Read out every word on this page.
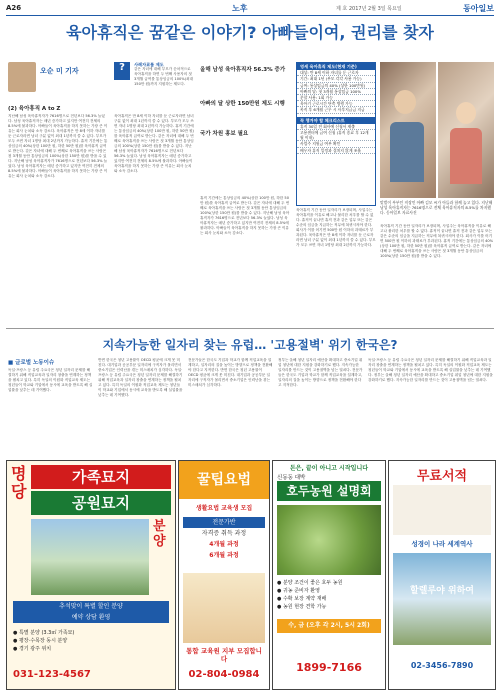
A26	노후	제 호 2017년 2월 3일 목요일	동아일보
육아휴직은 꿈같은 이야기? 아빠들이여, 권리를 찾자
오순 미 기자
(2) 육아휴직 A to Z
지난해 남성 육아휴직자가 7616명으로 전년보다 56.3% 늘었다. 남성 육아휴직자는 매년 증가하고 있지만 여전히 전체의 8.5%에 불과하다. 아빠들이 육아휴직을 하지 못하는 가장 큰 이유는 회사 눈치와 소득 감소다. 육아휴직은 만 8세 이하 자녀를 둔 근로자라면 남녀 구분 없이 최대 1년까지 쓸 수 있다. 부모가 모두 쓰면 자녀 1명당 최대 2년까지 가능하다. 휴직 기간에는 통상임금의 40%(상한 100만 원, 하한 50만 원)를 육아휴직 급여로 받는다. 같은 자녀에 대해 두 번째로 육아휴직을 쓰는 사람은 첫 3개월 동안 통상임금의 100%(상한 150만 원)를 받을 수 있다. 지난해 남성 육아휴직자가 7616명으로 전년보다 56.3% 늘었다. 남성 육아휴직자는 매년 증가하고 있지만 여전히 전체의 8.5%에 불과하다. 아빠들이 육아휴직을 하지 못하는 가장 큰 이유는 회사 눈치와 소득 감소다.
?	사례자료를 제도
같은 자녀에 대해 부모가 순차적으로 육아휴직을 하면 두 번째 사용자의 첫 3개월 급여를 통상임금의 100%(최대 150만 원)까지 지원하는 제도다.
육아휴직은 만 8세 이하 자녀를 둔 근로자라면 남녀 구분 없이 최대 1년까지 쓸 수 있다. 부모가 모두 쓰면 자녀 1명당 최대 2년까지 가능하다. 휴직 기간에는 통상임금의 40%(상한 100만 원, 하한 50만 원)를 육아휴직 급여로 받는다. 같은 자녀에 대해 두 번째로 육아휴직을 쓰는 사람은 첫 3개월 동안 통상임금의 100%(상한 150만 원)를 받을 수 있다. 지난해 남성 육아휴직자가 7616명으로 전년보다 56.3% 늘었다. 남성 육아휴직자는 매년 증가하고 있지만 여전히 전체의 8.5%에 불과하다. 아빠들이 육아휴직을 하지 못하는 가장 큰 이유는 회사 눈치와 소득 감소다.
올해 남성 육아휴직자 56.3% 증가
아빠의 달 상한 150만원 제도 시행
국가 차원 홍보 필요
휴직 기간에는 통상임금의 40%(상한 100만 원, 하한 50만 원)를 육아휴직 급여로 받는다. 같은 자녀에 대해 두 번째로 육아휴직을 쓰는 사람은 첫 3개월 동안 통상임금의 100%(상한 150만 원)를 받을 수 있다. 지난해 남성 육아휴직자가 7616명으로 전년보다 56.3% 늘었다. 남성 육아휴직자는 매년 증가하고 있지만 여전히 전체의 8.5%에 불과하다. 아빠들이 육아휴직을 하지 못하는 가장 큰 이유는 회사 눈치와 소득 감소다.
영세 육아휴직 제도(현재 기준)
대상: 만 8세 이하 자녀를 둔 근로자
기간: 최대 1년 (부모 각각 사용 가능)
급여: 통상임금의 40% (상한 100만원)
아빠의 달: 첫 3개월 통상임금 100%
분할 사용: 1회 가능
육아기 근로시간 단축 병행 가능
복직 후 6개월 근무 시 사후지급금 지급
꼭 챙겨야 할 체크리스트
휴직 30일 전 회사에 신청서 제출
고용센터에 급여 신청 (휴직 종료 후 12개월 이내)
사업주 지원금 여부 확인
배우자 휴직 일정과 겹치지 않게 조율
맞벌이 부부인 직장인 아빠 김모 씨가 아들과 함께 놀고 있다. 지난해 남성 육아휴직자는 7616명으로 전체 육아휴직자의 8.5%를 차지했다. 동아일보 자료사진
육아휴직 기간 동안 일자리가 보장되며, 사업주는 육아휴직을 이유로 해고나 불리한 처우를 할 수 없다. 휴직이 끝나면 휴직 전과 같은 업무 또는 같은 수준의 임금을 지급하는 직무에 복귀시켜야 한다. 회사가 이를 어기면 500만 원 이하의 과태료가 부과된다. 육아휴직은 만 8세 이하 자녀를 둔 근로자라면 남녀 구분 없이 최대 1년까지 쓸 수 있다. 부모가 모두 쓰면 자녀 1명당 최대 2년까지 가능하다.
육아휴직 기간 동안 일자리가 보장되며, 사업주는 육아휴직을 이유로 해고나 불리한 처우를 할 수 없다. 휴직이 끝나면 휴직 전과 같은 업무 또는 같은 수준의 임금을 지급하는 직무에 복귀시켜야 한다. 회사가 이를 어기면 500만 원 이하의 과태료가 부과된다. 휴직 기간에는 통상임금의 40%(상한 100만 원, 하한 50만 원)를 육아휴직 급여로 받는다. 같은 자녀에 대해 두 번째로 육아휴직을 쓰는 사람은 첫 3개월 동안 통상임금의 100%(상한 150만 원)를 받을 수 있다.
지속가능한 일자리 찾는 유럽… '고용절벽' 위기 한국은?
■ 글로벌 노동이슈
독일·프랑스 등 유럽 주요국은 청년 일자리 문제를 해결하기 위해 직업교육과 일자리 창출을 연계하는 정책을 펼치고 있다. 특히 독일의 이원화 직업교육 제도는 청년들이 학교와 기업에서 동시에 교육을 받도록 해 실업률을 낮추는 데 기여했다.
반면 한국은 청년 고용률이 OECD 평균에 크게 못 미친다. 대기업과 공공부문 일자리에 구직자가 몰리면서 중소기업은 인력난을 겪는 미스매치가 심각하다. 독일·프랑스 등 유럽 주요국은 청년 일자리 문제를 해결하기 위해 직업교육과 일자리 창출을 연계하는 정책을 펼치고 있다. 특히 독일의 이원화 직업교육 제도는 청년들이 학교와 기업에서 동시에 교육을 받도록 해 실업률을 낮추는 데 기여했다.
전문가들은 한국도 기업과 학교가 함께 직업교육을 설계하고, 일자리의 질을 높이는 방향으로 정책을 전환해야 한다고 지적한다. 반면 한국은 청년 고용률이 OECD 평균에 크게 못 미친다. 대기업과 공공부문 일자리에 구직자가 몰리면서 중소기업은 인력난을 겪는 미스매치가 심각하다.
정부는 올해 청년 일자리 예산을 확대하고 중소기업 취업 청년에 대한 지원을 강화하기로 했다. 지속가능한 일자리를 만드는 것이 고용절벽을 넘는 열쇠다. 전문가들은 한국도 기업과 학교가 함께 직업교육을 설계하고, 일자리의 질을 높이는 방향으로 정책을 전환해야 한다고 지적한다.
독일·프랑스 등 유럽 주요국은 청년 일자리 문제를 해결하기 위해 직업교육과 일자리 창출을 연계하는 정책을 펼치고 있다. 특히 독일의 이원화 직업교육 제도는 청년들이 학교와 기업에서 동시에 교육을 받도록 해 실업률을 낮추는 데 기여했다. 정부는 올해 청년 일자리 예산을 확대하고 중소기업 취업 청년에 대한 지원을 강화하기로 했다. 지속가능한 일자리를 만드는 것이 고용절벽을 넘는 열쇠다.
명당
가족묘지
공원묘지
분양
추석맞이 특별 할인 분양
예약 상담 환영
● 특별 분양 (3.3㎡ 가족묘)
● 평장·수목장 동시 분양
● 경기 광주 위치
031-123-4567
꿀팁요법
생활요법 교육생 모집
전문가반
자격증 취득 과정
4개월 과정
6개월 과정
통합 교육원 지부 모집합니다
02-804-0984
돈은, 끝이 아니고 시작입니다
신동동 대박
호두농원 설명회
● 분양 조건이 좋은 호두 농원
● 귀농 준비자 환영
● 수확 보장 계약 재배
● 농원 현장 견학 가능
수, 금 (오후 각 2시, 5시 2회)
1899-7166
무료서적
성경이 나라 세계역사
할렐루야 위하여
02-3456-7890
